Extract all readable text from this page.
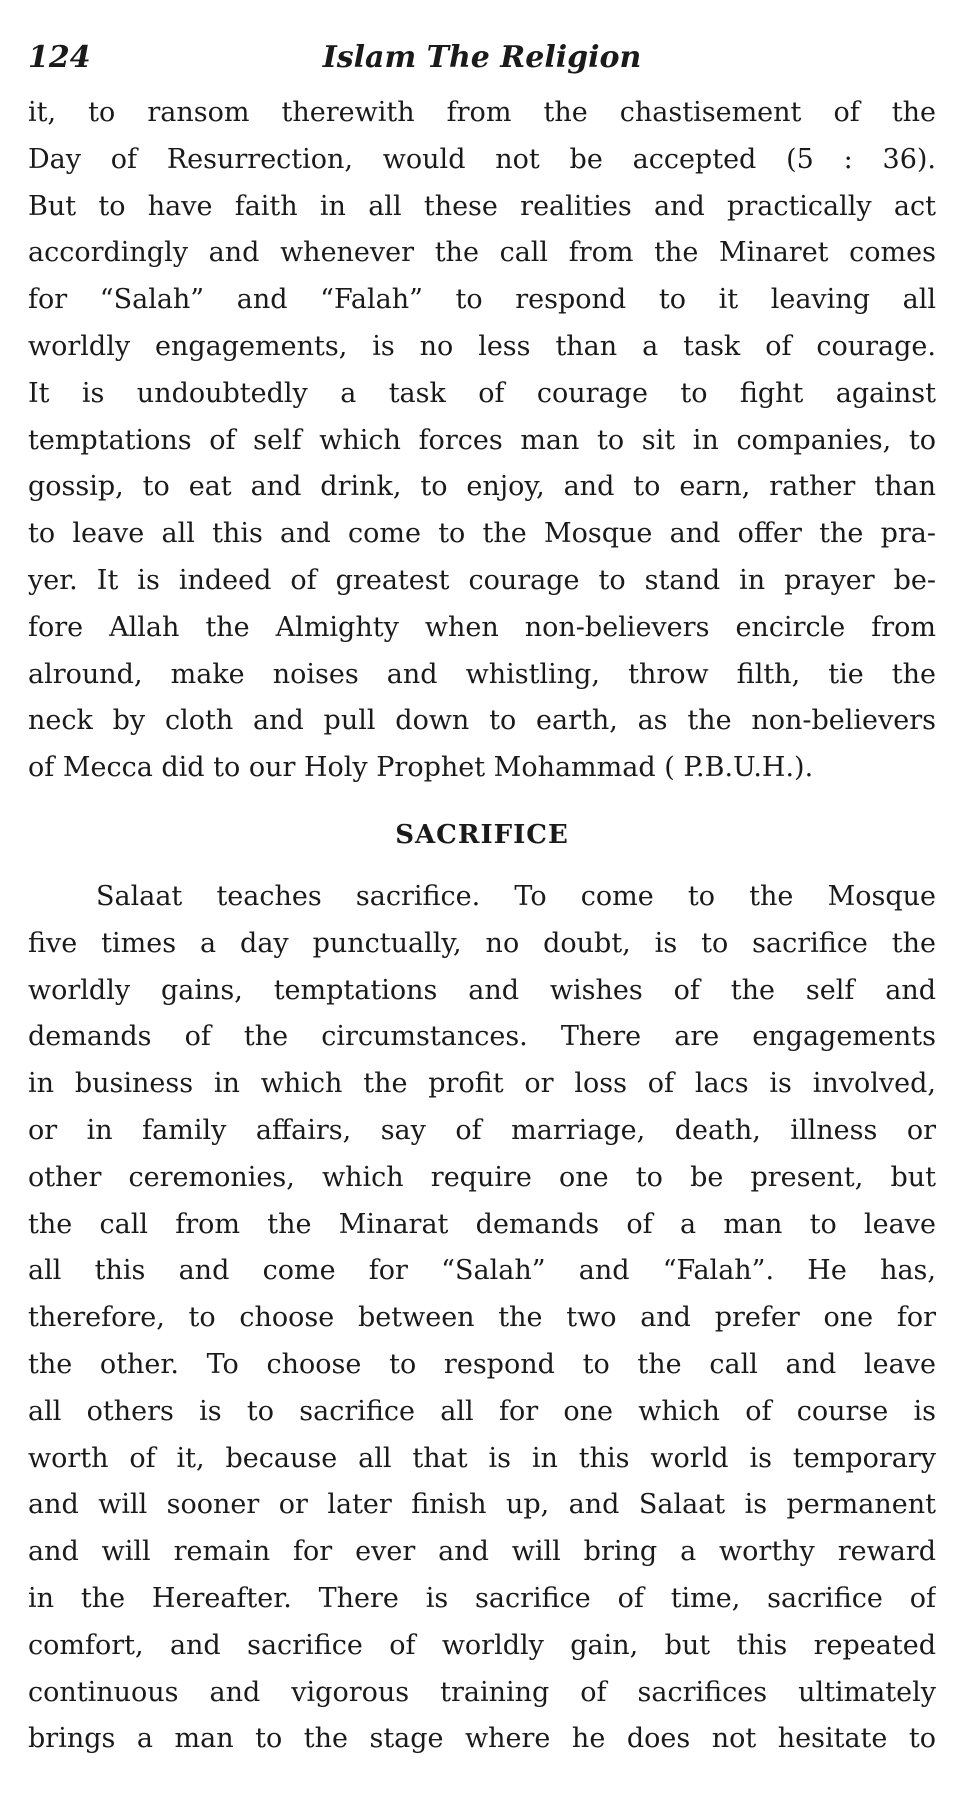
124	Islam The Religion
it, to ransom therewith from the chastisement of the
Day of Resurrection, would not be accepted (5 : 36).
But to have faith in all these realities and practically act
accordingly and whenever the call from the Minaret comes
for “Salah” and “Falah” to respond to it leaving all
worldly engagements, is no less than a task of courage.
It is undoubtedly a task of courage to fight against
temptations of self which forces man to sit in companies, to
gossip, to eat and drink, to enjoy, and to earn, rather than
to leave all this and come to the Mosque and offer the pra-
yer. It is indeed of greatest courage to stand in prayer be-
fore Allah the Almighty when non-believers encircle from
alround, make noises and whistling, throw filth, tie the
neck by cloth and pull down to earth, as the non-believers
of Mecca did to our Holy Prophet Mohammad ( P.B.U.H.).
SACRIFICE
Salaat teaches sacrifice. To come to the Mosque
five times a day punctually, no doubt, is to sacrifice the
worldly gains, temptations and wishes of the self and
demands of the circumstances. There are engagements
in business in which the profit or loss of lacs is involved,
or in family affairs, say of marriage, death, illness or
other ceremonies, which require one to be present, but
the call from the Minarat demands of a man to leave
all this and come for “Salah” and “Falah”. He has,
therefore, to choose between the two and prefer one for
the other. To choose to respond to the call and leave
all others is to sacrifice all for one which of course is
worth of it, because all that is in this world is temporary
and will sooner or later finish up, and Salaat is permanent
and will remain for ever and will bring a worthy reward
in the Hereafter. There is sacrifice of time, sacrifice of
comfort, and sacrifice of worldly gain, but this repeated
continuous and vigorous training of sacrifices ultimately
brings a man to the stage where he does not hesitate to
